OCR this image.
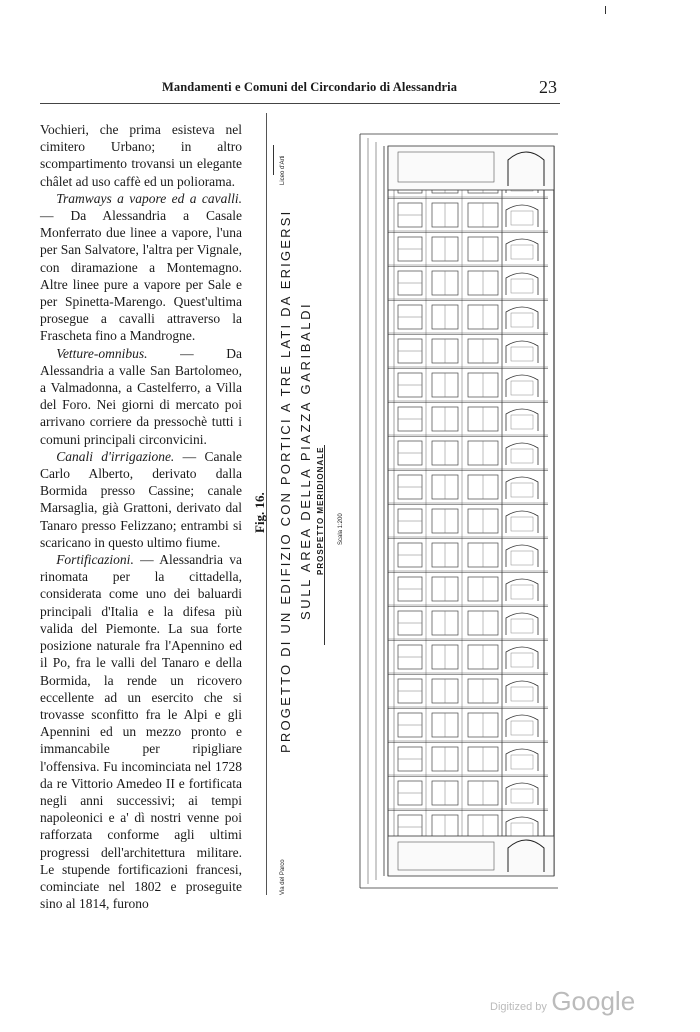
Mandamenti e Comuni del Circondario di Alessandria	23

Vochieri, che prima esisteva nel cimitero Urbano; in altro scompartimento trovansi un elegante châlet ad uso caffè ed un poliorama.

Tramways a vapore ed a cavalli. — Da Alessandria a Casale Monferrato due linee a vapore, l'una per San Salvatore, l'altra per Vignale, con diramazione a Montemagno. Altre linee pure a vapore per Sale e per Spinetta-Marengo. Quest'ultima prosegue a cavalli attraverso la Frascheta fino a Mandrogne.

Vetture-omnibus. — Da Alessandria a valle San Bartolomeo, a Valmadonna, a Castelferro, a Villa del Foro. Nei giorni di mercato poi arrivano corriere da pressochè tutti i comuni principali circonvicini.

Canali d'irrigazione. — Canale Carlo Alberto, derivato dalla Bormida presso Cassine; canale Marsaglia, già Grattoni, derivato dal Tanaro presso Felizzano; entrambi si scaricano in questo ultimo fiume.

Fortificazioni. — Alessandria va rinomata per la cittadella, considerata come uno dei baluardi principali d'Italia e la difesa più valida del Piemonte. La sua forte posizione naturale fra l'Apennino ed il Po, fra le valli del Tanaro e della Bormida, la rende un ricovero eccellente ad un esercito che si trovasse sconfitto fra le Alpi e gli Apennini ed un mezzo pronto e immancabile per ripigliare l'offensiva. Fu incominciata nel 1728 da re Vittorio Amedeo II e fortificata negli anni successivi; ai tempi napoleonici e a' dì nostri venne poi rafforzata conforme agli ultimi progressi dell'architettura militare. Le stupende fortificazioni francesi, cominciate nel 1802 e proseguite sino al 1814, furono

PROGETTO DI UN EDIFIZIO CON PORTICI A TRE LATI DA ERIGERSI SULL AREA DELLA PIAZZA GARIBALDI
Fig. 16.	PROSPETTO MERIDIONALE Scala 1:200
Via del Parco
Liceo d'Arti
Digitized by Google
